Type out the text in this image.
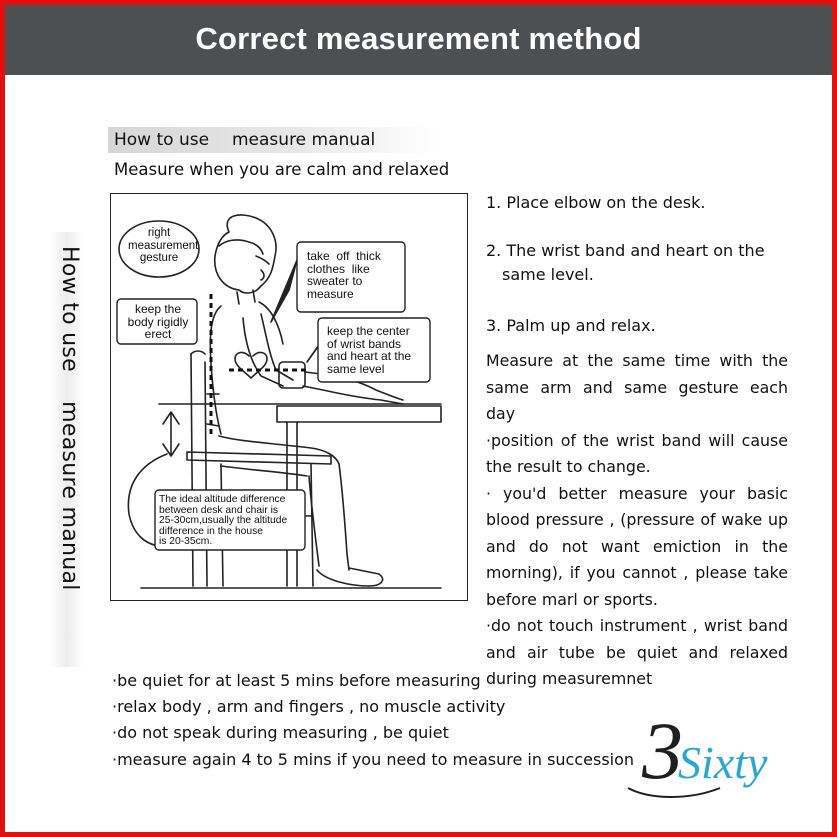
Correct measurement method
How to use measure manual
Measure when you are calm and relaxed
How to use    measure manual
right
measurement
gesture	take  off  thick
clothes  like
sweater to
measure
keep the
body rigidly
erect	keep the center
of wrist bands
and heart at the
same level
The ideal altitude difference
between desk and chair is
25-30cm,usually the altitude
difference in the house
is 20-35cm.
1. Place elbow on the desk.
2. The wrist band and heart on the
same level.
3. Palm up and relax.

Measure at the same time with the same arm and same gesture each day

·position of the wrist band will cause the result to change.

· you'd better measure your basic blood pressure , (pressure of wake up and do not want emiction in the morning), if you cannot , please take before marl or sports.

·do not touch instrument , wrist band and air tube be quiet and relaxed during measuremnet

·be quiet for at least 5 mins before measuring

·relax body , arm and fingers , no muscle activity

·do not speak during measuring , be quiet

·measure again 4 to 5 mins if you need to measure in succession 3
Sixty
